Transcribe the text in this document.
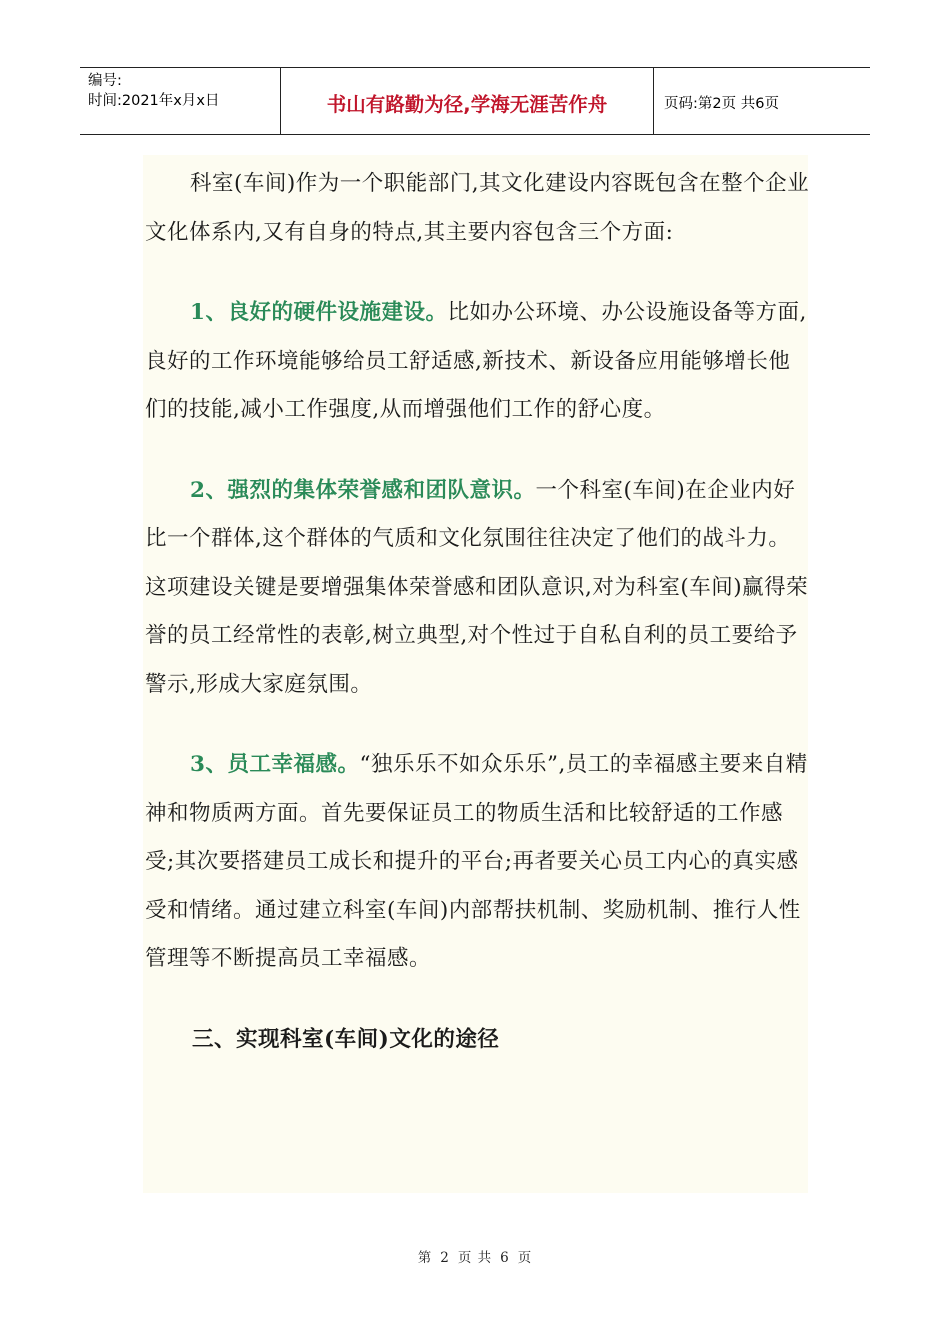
编号:
时间:2021年x月x日	书山有路勤为径,学海无涯苦作舟	页码:第2页 共6页

科室(车间)作为一个职能部门,其文化建设内容既包含在整个企业文化体系内,又有自身的特点,其主要内容包含三个方面:

1、良好的硬件设施建设。比如办公环境、办公设施设备等方面,良好的工作环境能够给员工舒适感,新技术、新设备应用能够增长他们的技能,减小工作强度,从而增强他们工作的舒心度。

2、强烈的集体荣誉感和团队意识。一个科室(车间)在企业内好比一个群体,这个群体的气质和文化氛围往往决定了他们的战斗力。这项建设关键是要增强集体荣誉感和团队意识,对为科室(车间)赢得荣誉的员工经常性的表彰,树立典型,对个性过于自私自利的员工要给予警示,形成大家庭氛围。

3、员工幸福感。“独乐乐不如众乐乐”,员工的幸福感主要来自精神和物质两方面。首先要保证员工的物质生活和比较舒适的工作感受;其次要搭建员工成长和提升的平台;再者要关心员工内心的真实感受和情绪。通过建立科室(车间)内部帮扶机制、奖励机制、推行人性管理等不断提高员工幸福感。

三、实现科室(车间)文化的途径

第 2 页 共 6 页
